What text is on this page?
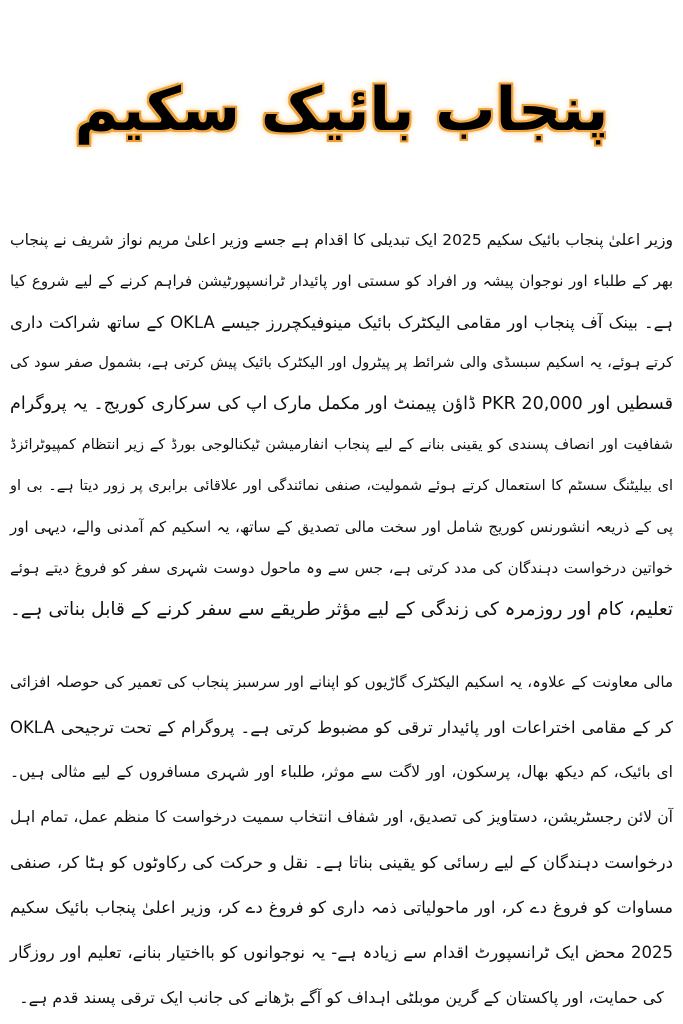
پنجاب بائیک سکیم
وزیر اعلیٰ پنجاب بائیک سکیم 2025 ایک تبدیلی کا اقدام ہے جسے وزیر اعلیٰ مریم نواز شریف نے پنجاب
بھر کے طلباء اور نوجوان پیشہ ور افراد کو سستی اور پائیدار ٹرانسپورٹیشن فراہم کرنے کے لیے شروع کیا
ہے۔ بینک آف پنجاب اور مقامی الیکٹرک بائیک مینوفیکچررز جیسے OKLA کے ساتھ شراکت داری
کرتے ہوئے، یہ اسکیم سبسڈی والی شرائط پر پیٹرول اور الیکٹرک بائیک پیش کرتی ہے، بشمول صفر سود کی
قسطیں اور PKR 20,000 ڈاؤن پیمنٹ اور مکمل مارک اپ کی سرکاری کوریج۔ یہ پروگرام
شفافیت اور انصاف پسندی کو یقینی بنانے کے لیے پنجاب انفارمیشن ٹیکنالوجی بورڈ کے زیر انتظام کمپیوٹرائزڈ
ای بیلیٹنگ سسٹم کا استعمال کرتے ہوئے شمولیت، صنفی نمائندگی اور علاقائی برابری پر زور دیتا ہے۔ بی او
پی کے ذریعہ انشورنس کوریج شامل اور سخت مالی تصدیق کے ساتھ، یہ اسکیم کم آمدنی والے، دیہی اور
خواتین درخواست دہندگان کی مدد کرتی ہے، جس سے وہ ماحول دوست شہری سفر کو فروغ دیتے ہوئے
تعلیم، کام اور روزمرہ کی زندگی کے لیے مؤثر طریقے سے سفر کرنے کے قابل بناتی ہے۔
مالی معاونت کے علاوہ، یہ اسکیم الیکٹرک گاڑیوں کو اپنانے اور سرسبز پنجاب کی تعمیر کی حوصلہ افزائی
کر کے مقامی اختراعات اور پائیدار ترقی کو مضبوط کرتی ہے۔ پروگرام کے تحت ترجیحی OKLA
ای بائیک، کم دیکھ بھال، پرسکون، اور لاگت سے موثر، طلباء اور شہری مسافروں کے لیے مثالی ہیں۔
آن لائن رجسٹریشن، دستاویز کی تصدیق، اور شفاف انتخاب سمیت درخواست کا منظم عمل، تمام اہل
درخواست دہندگان کے لیے رسائی کو یقینی بناتا ہے۔ نقل و حرکت کی رکاوٹوں کو ہٹا کر، صنفی
مساوات کو فروغ دے کر، اور ماحولیاتی ذمہ داری کو فروغ دے کر، وزیر اعلیٰ پنجاب بائیک سکیم
2025 محض ایک ٹرانسپورٹ اقدام سے زیادہ ہے- یہ نوجوانوں کو بااختیار بنانے، تعلیم اور روزگار
کی حمایت، اور پاکستان کے گرین موبلٹی اہداف کو آگے بڑھانے کی جانب ایک ترقی پسند قدم ہے۔
